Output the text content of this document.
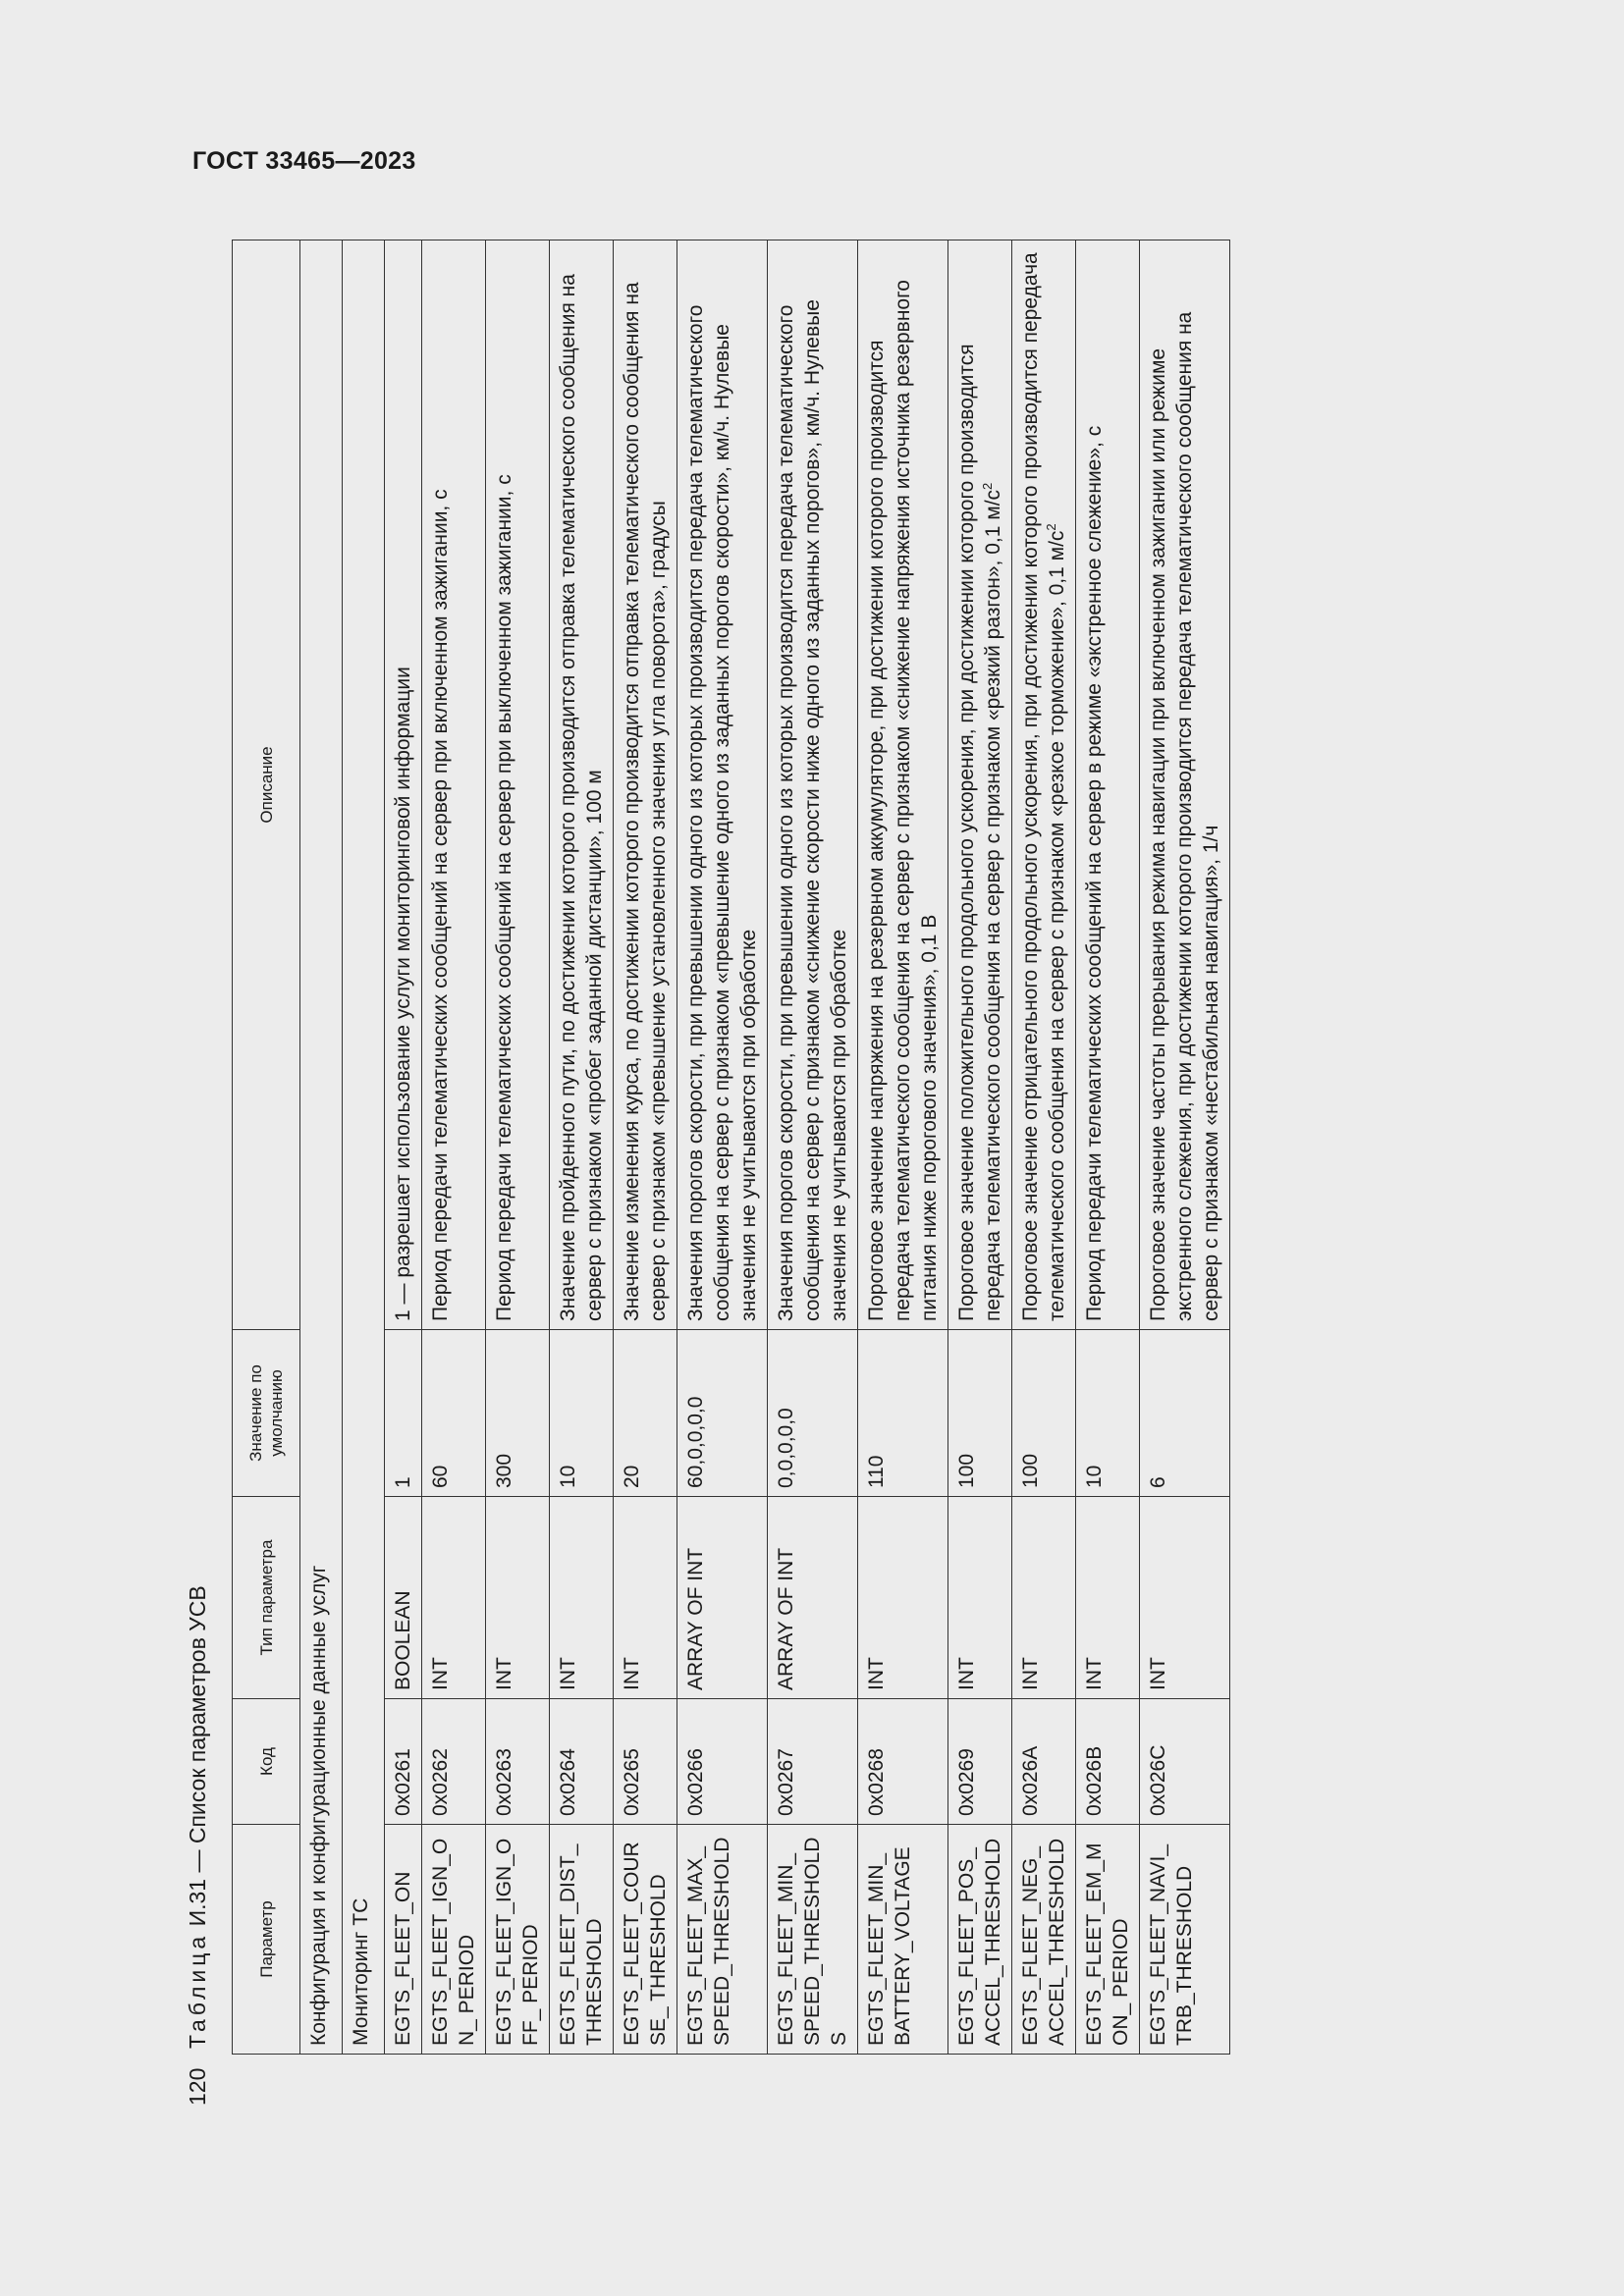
ГОСТ 33465—2023
120
Таблица И.31 — Список параметров УСВ
Параметр	Код	Тип параметра	Значение по умолчанию	Описание
Конфигурация и конфигурационные данные услуг				
Мониторинг ТС				
EGTS_FLEET_ON	0x0261	BOOLEAN	1	1 — разрешает использование услуги мониторинговой информации
EGTS_FLEET_IGN_ON_ PERIOD	0x0262	INT	60	Период передачи телематических сообщений на сервер при включенном зажигании, с
EGTS_FLEET_IGN_OFF_ PERIOD	0x0263	INT	300	Период передачи телематических сообщений на сервер при выключенном зажигании, с
EGTS_FLEET_DIST_ THRESHOLD	0x0264	INT	10	Значение пройденного пути, по достижении которого производится отправка телематического сообщения на сервер с признаком «пробег заданной дистанции», 100 м
EGTS_FLEET_COURSE_ THRESHOLD	0x0265	INT	20	Значение изменения курса, по достижении которого производится отправка телематического сообщения на сервер с признаком «превышение установленного значения угла поворота», градусы
EGTS_FLEET_MAX_ SPEED_THRESHOLD	0x0266	ARRAY OF INT	60,0,0,0,0	Значения порогов скорости, при превышении одного из которых производится передача телематического сообщения на сервер с признаком «превышение одного из заданных порогов скорости», км/ч. Нулевые значения не учитываются при обработке
EGTS_FLEET_MIN_ SPEED_THRESHOLDS	0x0267	ARRAY OF INT	0,0,0,0,0	Значения порогов скорости, при превышении одного из которых производится передача телематического сообщения на сервер с признаком «снижение скорости ниже одного из заданных порогов», км/ч. Нулевые значения не учитываются при обработке
EGTS_FLEET_MIN_ BATTERY_VOLTAGE	0x0268	INT	110	Пороговое значение напряжения на резервном аккумуляторе, при достижении которого производится передача телематического сообщения на сервер с признаком «снижение напряжения источника резервного питания ниже порогового значения», 0,1 В
EGTS_FLEET_POS_ ACCEL_THRESHOLD	0x0269	INT	100	Пороговое значение положительного продольного ускорения, при достижении которого производится передача телематического сообщения на сервер с признаком «резкий разгон», 0,1 $м/с^2$
EGTS_FLEET_NEG_ ACCEL_THRESHOLD	0x026A	INT	100	Пороговое значение отрицательного продольного ускорения, при достижении которого производится передача телематического сообщения на сервер с признаком «резкое торможение», 0,1 $м/с^2$
EGTS_FLEET_EM_MON_ PERIOD	0x026B	INT	10	Период передачи телематических сообщений на сервер в режиме «экстренное слежение», с
EGTS_FLEET_NAVI_ TRB_THRESHOLD	0x026C	INT	6	Пороговое значение частоты прерывания режима навигации при включенном зажигании или режиме экстренного слежения, при достижении которого производится передача телематического сообщения на сервер с признаком «нестабильная навигация», 1/ч
